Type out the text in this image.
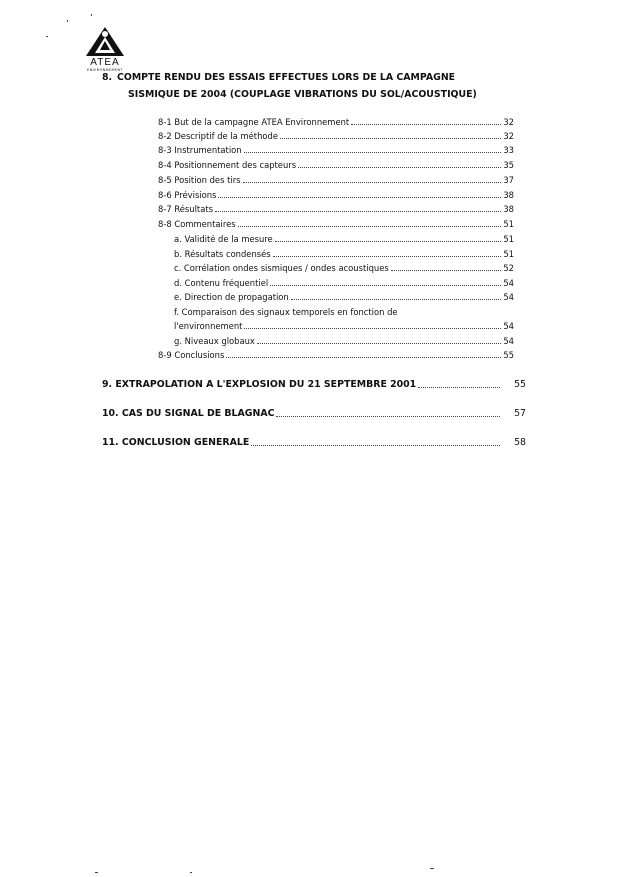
ATEA
ENVIRONNEMENT
8. COMPTE RENDU DES ESSAIS EFFECTUES LORS DE LA CAMPAGNE
SISMIQUE DE 2004 (COUPLAGE VIBRATIONS DU SOL/ACOUSTIQUE)
8-1 But de la campagne ATEA Environnement	32
8-2 Descriptif de la méthode	32
8-3 Instrumentation	33
8-4 Positionnement des capteurs	35
8-5 Position des tirs	37
8-6 Prévisions	38
8-7 Résultats	38
8-8 Commentaires	51
a. Validité de la mesure	51
b. Résultats condensés	51
c. Corrélation ondes sismiques / ondes acoustiques	52
d. Contenu fréquentiel	54
e. Direction de propagation	54
f. Comparaison des signaux temporels en fonction de
l'environnement	54
g. Niveaux globaux	54
8-9 Conclusions	55
9. EXTRAPOLATION A L'EXPLOSION DU 21 SEPTEMBRE 2001	55
10. CAS DU SIGNAL DE BLAGNAC	57
11. CONCLUSION GENERALE	58
